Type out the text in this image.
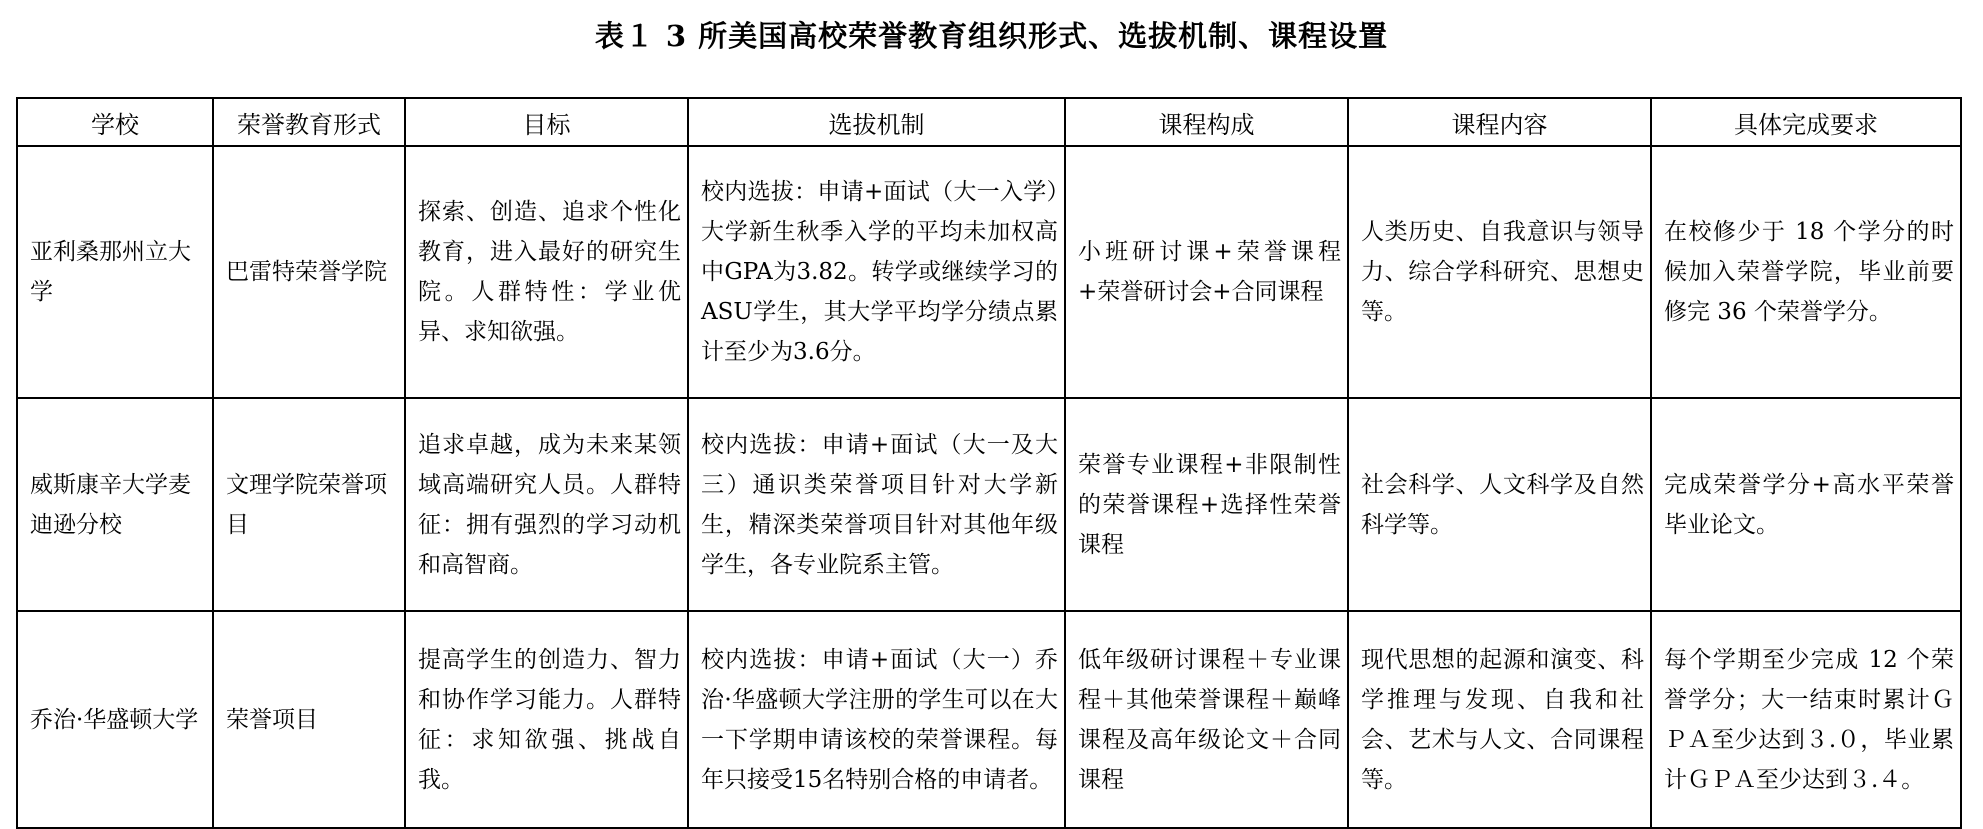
表１ 3 所美国高校荣誉教育组织形式、选拔机制、课程设置
学校	荣誉教育形式	目标	选拔机制	课程构成	课程内容	具体完成要求
亚利桑那州立大学	巴雷特荣誉学院	探索、创造、追求个性化教育，进入最好的研究生院。人群特性：学业优异、求知欲强。	校内选拔：申请+面试（大一入学）大学新生秋季入学的平均未加权高中GPA为3.82。转学或继续学习的ASU学生，其大学平均学分绩点累计至少为3.6分。	小班研讨课+荣誉课程+荣誉研讨会+合同课程	人类历史、自我意识与领导力、综合学科研究、思想史等。	在校修少于 18 个学分的时候加入荣誉学院，毕业前要修完 36 个荣誉学分。
威斯康辛大学麦迪逊分校	文理学院荣誉项目	追求卓越，成为未来某领域高端研究人员。人群特征：拥有强烈的学习动机和高智商。	校内选拔：申请+面试（大一及大三）通识类荣誉项目针对大学新生，精深类荣誉项目针对其他年级学生，各专业院系主管。	荣誉专业课程+非限制性的荣誉课程+选择性荣誉课程	社会科学、人文科学及自然科学等。	完成荣誉学分+高水平荣誉毕业论文。
乔治·华盛顿大学	荣誉项目	提高学生的创造力、智力和协作学习能力。人群特征：求知欲强、挑战自我。	校内选拔：申请+面试（大一）乔治·华盛顿大学注册的学生可以在大一下学期申请该校的荣誉课程。每年只接受15名特别合格的申请者。	低年级研讨课程＋专业课程＋其他荣誉课程＋巅峰课程及高年级论文＋合同课程	现代思想的起源和演变、科学推理与发现、自我和社会、艺术与人文、合同课程等。	每个学期至少完成 12 个荣誉学分；大一结束时累计ＧＰＡ至少达到３.０，毕业累计ＧＰＡ至少达到３.４。
